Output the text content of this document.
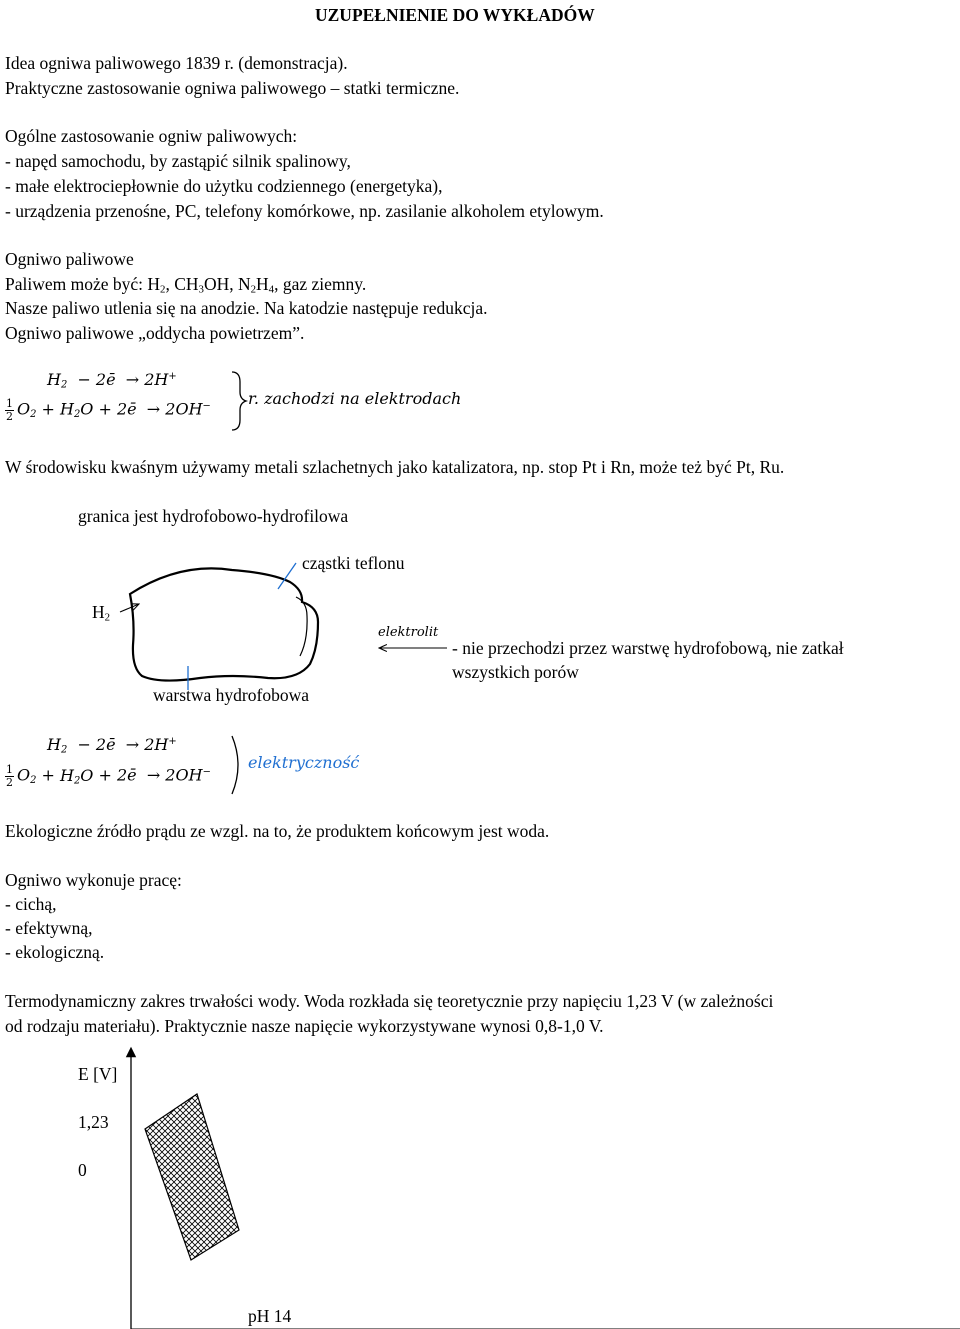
UZUPEŁNIENIE DO WYKŁADÓW
Idea ogniwa paliwowego 1839 r. (demonstracja).
Praktyczne zastosowanie ogniwa paliwowego – statki termiczne.
Ogólne zastosowanie ogniw paliwowych:
- napęd samochodu, by zastąpić silnik spalinowy,
- małe elektrociepłownie do użytku codziennego (energetyka),
- urządzenia przenośne, PC, telefony komórkowe, np. zasilanie alkoholem etylowym.
Ogniwo paliwowe
Paliwem może być: $H_2$, $CH_3OH$, $N_2H_4$, gaz ziemny.
Nasze paliwo utlenia się na anodzie. Na katodzie następuje redukcja.
Ogniwo paliwowe „oddycha powietrzem”.
$H_2$  − 2ē  → 2H+
$\frac{1}{2} O_2 + H_2O$ + 2ē  → 2OH− r. zachodzi na elektrodach
W środowisku kwaśnym używamy metali szlachetnych jako katalizatora, np. stop Pt i Rn, może też być Pt, Ru.
granica jest hydrofobowo-hydrofilowa
cząstki teflonu
$H_2$
warstwa hydrofobowa
elektrolit
- nie przechodzi przez warstwę hydrofobową, nie zatkał
wszystkich porów
$H_2$ − 2ē  → 2H+
$\frac{1}{2} O_2 + H_2O$ + 2ē  → 2OH−
elektryczność
Ekologiczne źródło prądu ze wzgl. na to, że produktem końcowym jest woda.
Ogniwo wykonuje pracę:
- cichą,
- efektywną,
- ekologiczną.
Termodynamiczny zakres trwałości wody. Woda rozkłada się teoretycznie przy napięciu 1,23 V (w zależności
od rodzaju materiału). Praktycznie nasze napięcie wykorzystywane wynosi 0,8-1,0 V.
E [V]
1,23
0
pH 14
